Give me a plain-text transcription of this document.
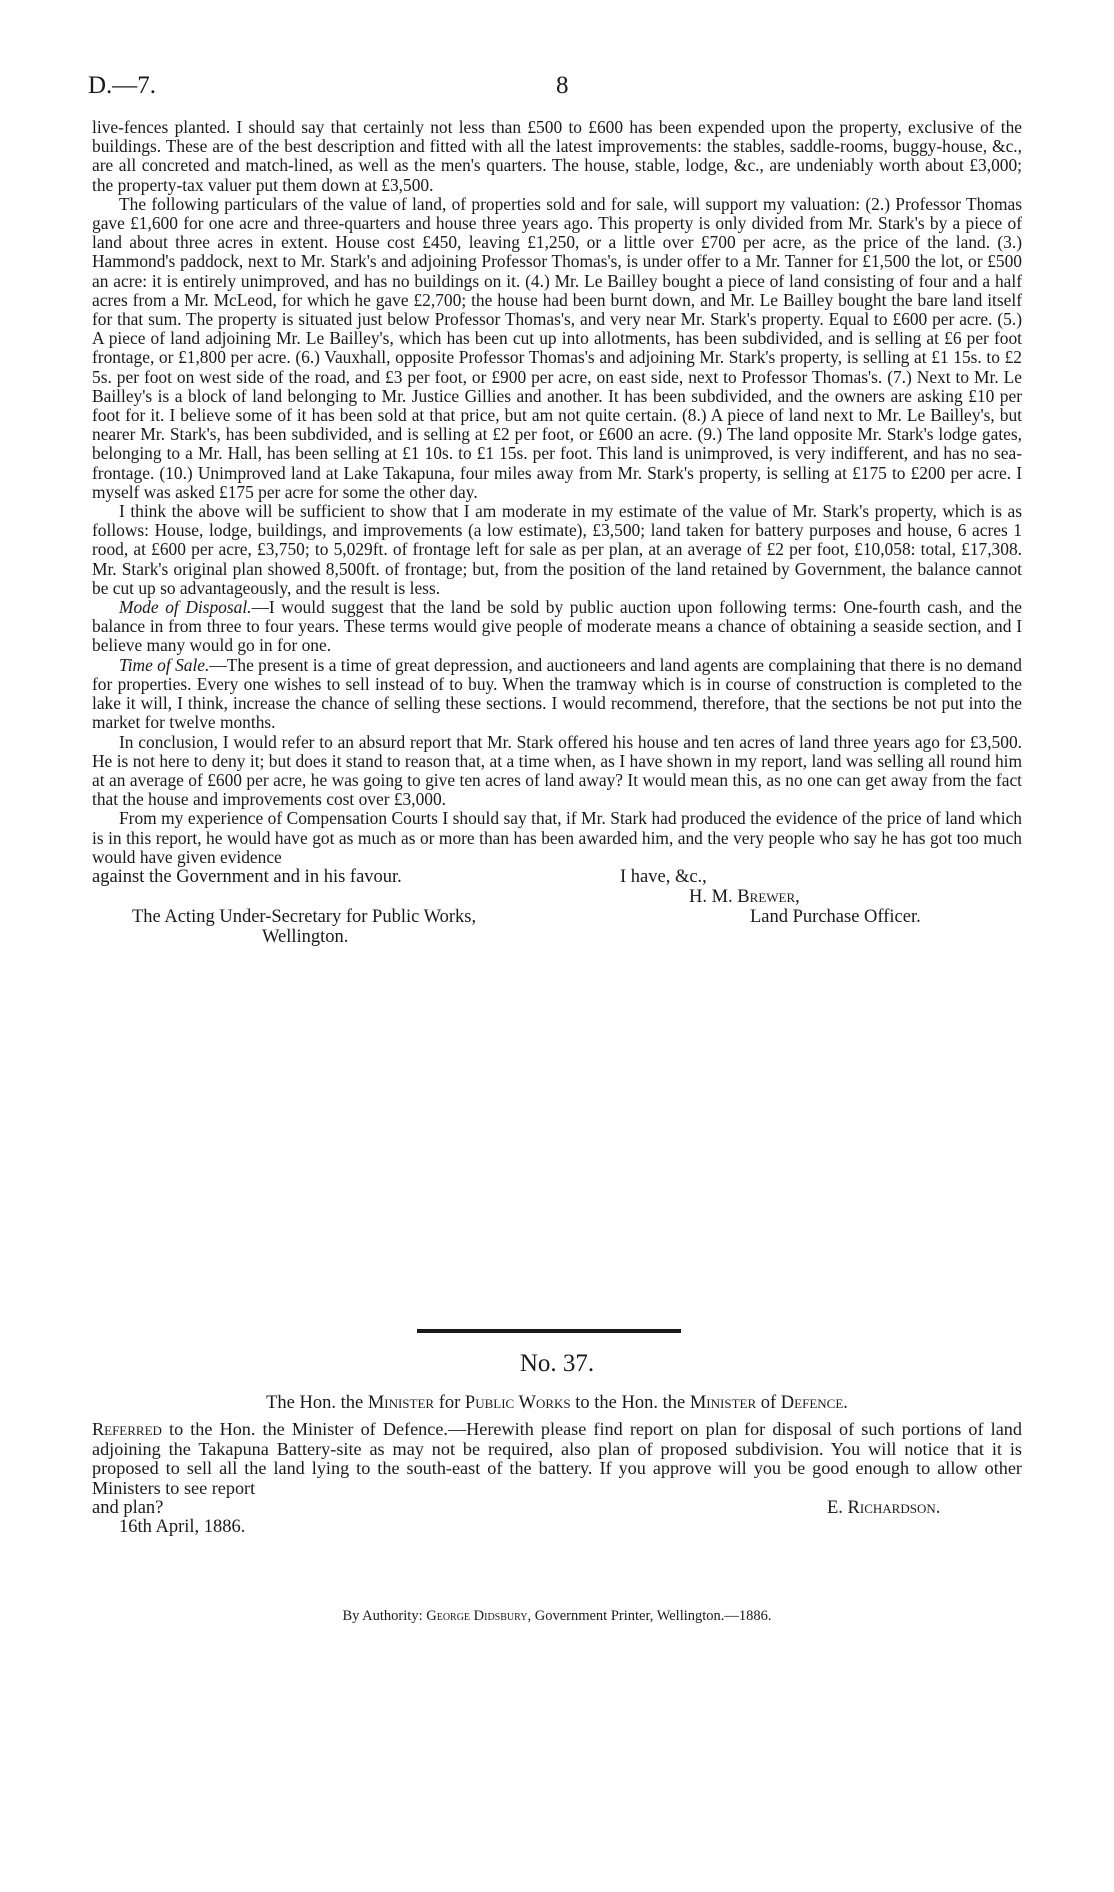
D.—7.	8

live-fences planted. I should say that certainly not less than £500 to £600 has been expended upon the property, exclusive of the buildings. These are of the best description and fitted with all the latest improvements: the stables, saddle-rooms, buggy-house, &c., are all concreted and match-lined, as well as the men's quarters. The house, stable, lodge, &c., are undeniably worth about £3,000; the property-tax valuer put them down at £3,500.

The following particulars of the value of land, of properties sold and for sale, will support my valuation: (2.) Professor Thomas gave £1,600 for one acre and three-quarters and house three years ago. This property is only divided from Mr. Stark's by a piece of land about three acres in extent. House cost £450, leaving £1,250, or a little over £700 per acre, as the price of the land. (3.) Hammond's paddock, next to Mr. Stark's and adjoining Professor Thomas's, is under offer to a Mr. Tanner for £1,500 the lot, or £500 an acre: it is entirely unimproved, and has no buildings on it. (4.) Mr. Le Bailley bought a piece of land consisting of four and a half acres from a Mr. McLeod, for which he gave £2,700; the house had been burnt down, and Mr. Le Bailley bought the bare land itself for that sum. The property is situated just below Professor Thomas's, and very near Mr. Stark's property. Equal to £600 per acre. (5.) A piece of land adjoining Mr. Le Bailley's, which has been cut up into allotments, has been subdivided, and is selling at £6 per foot frontage, or £1,800 per acre. (6.) Vauxhall, opposite Professor Thomas's and adjoining Mr. Stark's property, is selling at £1 15s. to £2 5s. per foot on west side of the road, and £3 per foot, or £900 per acre, on east side, next to Professor Thomas's. (7.) Next to Mr. Le Bailley's is a block of land belonging to Mr. Justice Gillies and another. It has been subdivided, and the owners are asking £10 per foot for it. I believe some of it has been sold at that price, but am not quite certain. (8.) A piece of land next to Mr. Le Bailley's, but nearer Mr. Stark's, has been subdivided, and is selling at £2 per foot, or £600 an acre. (9.) The land opposite Mr. Stark's lodge gates, belonging to a Mr. Hall, has been selling at £1 10s. to £1 15s. per foot. This land is unimproved, is very indifferent, and has no sea-frontage. (10.) Unimproved land at Lake Takapuna, four miles away from Mr. Stark's property, is selling at £175 to £200 per acre. I myself was asked £175 per acre for some the other day.

I think the above will be sufficient to show that I am moderate in my estimate of the value of Mr. Stark's property, which is as follows: House, lodge, buildings, and improvements (a low estimate), £3,500; land taken for battery purposes and house, 6 acres 1 rood, at £600 per acre, £3,750; to 5,029ft. of frontage left for sale as per plan, at an average of £2 per foot, £10,058: total, £17,308. Mr. Stark's original plan showed 8,500ft. of frontage; but, from the position of the land retained by Government, the balance cannot be cut up so advantageously, and the result is less.

Mode of Disposal.—I would suggest that the land be sold by public auction upon following terms: One-fourth cash, and the balance in from three to four years. These terms would give people of moderate means a chance of obtaining a seaside section, and I believe many would go in for one.

Time of Sale.—The present is a time of great depression, and auctioneers and land agents are complaining that there is no demand for properties. Every one wishes to sell instead of to buy. When the tramway which is in course of construction is completed to the lake it will, I think, increase the chance of selling these sections. I would recommend, therefore, that the sections be not put into the market for twelve months.

In conclusion, I would refer to an absurd report that Mr. Stark offered his house and ten acres of land three years ago for £3,500. He is not here to deny it; but does it stand to reason that, at a time when, as I have shown in my report, land was selling all round him at an average of £600 per acre, he was going to give ten acres of land away? It would mean this, as no one can get away from the fact that the house and improvements cost over £3,000.

From my experience of Compensation Courts I should say that, if Mr. Stark had produced the evidence of the price of land which is in this report, he would have got as much as or more than has been awarded him, and the very people who say he has got too much would have given evidence

against the Government and in his favour.	I have, &c.,
H. M. Brewer,
The Acting Under-Secretary for Public Works,	Land Purchase Officer.
Wellington.
No. 37.
The Hon. the Minister for Public Works to the Hon. the Minister of Defence.

Referred to the Hon. the Minister of Defence.—Herewith please find report on plan for disposal of such portions of land adjoining the Takapuna Battery-site as may not be required, also plan of proposed subdivision. You will notice that it is proposed to sell all the land lying to the south-east of the battery. If you approve will you be good enough to allow other Ministers to see report

and plan?	E. Richardson.
16th April, 1886.
By Authority: George Didsbury, Government Printer, Wellington.—1886.
